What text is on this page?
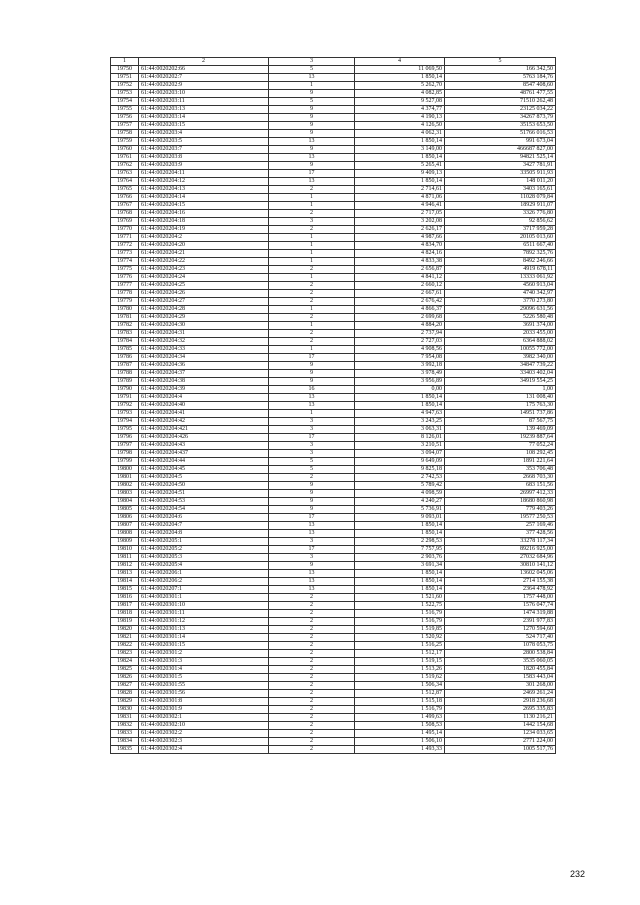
1	2	3	4	5
19750	61:44:0020202:66	5	11 069,50	166 342,50
19751	61:44:0020202:7	13	1 850,14	5763 184,76
19752	61:44:0020202:9	1	5 262,70	8547 408,60
19753	61:44:0020203:10	9	4 082,85	48761 477,55
19754	61:44:0020203:11	5	9 527,08	71510 262,48
19755	61:44:0020203:13	9	4 374,77	23125 034,22
19756	61:44:0020203:14	9	4 190,13	34267 873,79
19757	61:44:0020203:15	9	4 126,50	35153 653,50
19758	61:44:0020203:4	9	4 062,31	51766 016,53
19759	61:44:0020203:5	13	1 850,14	991 673,04
19760	61:44:0020203:7	9	3 149,00	466687 827,00
19761	61:44:0020203:8	13	1 850,14	94821 525,14
19762	61:44:0020203:9	9	5 265,41	3427 781,91
19763	61:44:0020204:11	17	9 409,13	33505 911,93
19764	61:44:0020204:12	13	1 850,14	148 011,20
19765	61:44:0020204:13	2	2 714,61	3403 165,61
19766	61:44:0020204:14	1	4 871,06	11028 079,84
19767	61:44:0020204:15	1	4 946,41	18929 911,07
19768	61:44:0020204:16	2	2 717,05	3326 776,80
19769	61:44:0020204:18	3	3 202,08	92 856,62
19770	61:44:0020204:19	2	2 626,17	3717 959,28
19771	61:44:0020204:2	1	4 987,66	20105 013,60
19772	61:44:0020204:20	1	4 834,70	6511 667,40
19773	61:44:0020204:21	1	4 824,16	7892 325,76
19774	61:44:0020204:22	1	4 833,38	8492 246,66
19775	61:44:0020204:23	2	2 656,87	4919 678,11
19776	61:44:0020204:24	1	4 841,12	13333 061,92
19777	61:44:0020204:25	2	2 660,12	4560 913,04
19778	61:44:0020204:26	2	2 667,61	4740 342,97
19779	61:44:0020204:27	2	2 676,42	3770 273,80
19780	61:44:0020204:28	1	4 866,37	29096 631,56
19781	61:44:0020204:29	2	2 699,68	5226 580,48
19782	61:44:0020204:30	1	4 884,20	3691 374,00
19783	61:44:0020204:31	2	2 737,94	2033 455,00
19784	61:44:0020204:32	2	2 727,03	6364 888,02
19785	61:44:0020204:33	1	4 908,56	10055 772,00
19786	61:44:0020204:34	17	7 954,08	3982 340,00
19787	61:44:0020204:36	9	3 992,18	34847 739,22
19788	61:44:0020204:37	9	3 978,49	33403 402,04
19789	61:44:0020204:38	9	3 956,89	34919 554,25
19790	61:44:0020204:39	16	0,00	1,00
19791	61:44:0020204:4	13	1 850,14	131 008,40
19792	61:44:0020204:40	13	1 850,14	175 763,30
19793	61:44:0020204:41	1	4 947,63	14951 737,86
19794	61:44:0020204:42	3	3 243,25	87 567,75
19795	61:44:0020204:421	3	3 063,31	139 469,09
19796	61:44:0020204:426	17	8 126,01	19239 887,64
19797	61:44:0020204:43	3	3 210,51	77 052,24
19798	61:44:0020204:437	3	3 094,07	108 292,45
19799	61:44:0020204:44	5	9 649,09	1891 221,64
19800	61:44:0020204:45	5	9 825,18	353 706,48
19801	61:44:0020204:5	2	2 742,53	2668 703,30
19802	61:44:0020204:50	9	5 789,42	683 151,56
19803	61:44:0020204:51	9	4 098,59	26997 412,33
19804	61:44:0020204:53	9	4 240,27	18680 860,98
19805	61:44:0020204:54	9	5 736,91	779 403,26
19806	61:44:0020204:6	17	9 093,01	19577 250,53
19807	61:44:0020204:7	13	1 850,14	257 169,46
19808	61:44:0020204:8	13	1 850,14	377 428,56
19809	61:44:0020205:1	3	2 298,53	33278 117,34
19810	61:44:0020205:2	17	7 757,95	89216 925,00
19811	61:44:0020205:3	3	2 903,76	27032 684,96
19812	61:44:0020205:4	9	3 691,34	30810 141,12
19813	61:44:0020206:1	13	1 850,14	13602 045,06
19814	61:44:0020206:2	13	1 850,14	2714 155,38
19815	61:44:0020207:1	13	1 850,14	2364 478,92
19816	61:44:0020301:1	2	1 521,60	1757 448,00
19817	61:44:0020301:10	2	1 522,75	1576 047,74
19818	61:44:0020301:11	2	1 516,79	1474 319,88
19819	61:44:0020301:12	2	1 516,79	2391 977,83
19820	61:44:0020301:13	2	1 519,85	1270 594,60
19821	61:44:0020301:14	2	1 520,92	524 717,40
19822	61:44:0020301:15	2	1 516,25	1078 053,75
19823	61:44:0020301:2	2	1 512,17	2800 538,84
19824	61:44:0020301:3	2	1 519,15	3535 060,05
19825	61:44:0020301:4	2	1 513,26	1820 455,84
19826	61:44:0020301:5	2	1 519,62	1583 443,04
19827	61:44:0020301:55	2	1 506,34	301 268,00
19828	61:44:0020301:56	2	1 512,87	2469 261,24
19829	61:44:0020301:8	2	1 515,18	2918 236,68
19830	61:44:0020301:9	2	1 516,79	2695 335,83
19831	61:44:0020302:1	2	1 499,63	1130 216,21
19832	61:44:0020302:10	2	1 508,53	1442 154,68
19833	61:44:0020302:2	2	1 495,14	1234 033,65
19834	61:44:0020302:3	2	1 506,10	2771 224,00
19835	61:44:0020302:4	2	1 493,33	1005 517,76
232
